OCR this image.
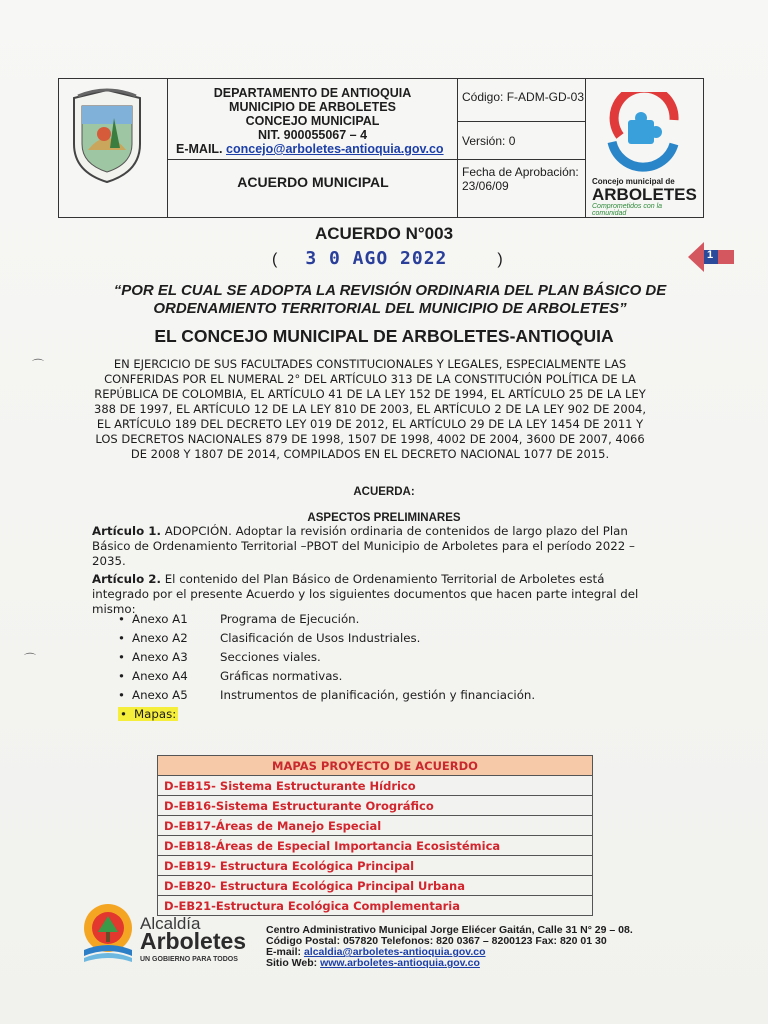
DEPARTAMENTO DE ANTIOQUIA
MUNICIPIO DE ARBOLETES
CONCEJO MUNICIPAL
NIT. 900055067 – 4
E-MAIL. concejo@arboletes-antioquia.gov.co
ACUERDO MUNICIPAL
Código: F-ADM-GD-03
Versión: 0
Fecha de Aprobación:
23/06/09	Concejo municipal de
ARBOLETES
Comprometidos con la comunidad
1
⌒
⌒
ACUERDO N°003
( 3 0 AGO 2022	)
“POR EL CUAL SE ADOPTA LA REVISIÓN ORDINARIA DEL PLAN BÁSICO DE ORDENAMIENTO TERRITORIAL DEL MUNICIPIO DE ARBOLETES”
EL CONCEJO MUNICIPAL DE ARBOLETES-ANTIOQUIA
EN EJERCICIO DE SUS FACULTADES CONSTITUCIONALES Y LEGALES, ESPECIALMENTE LAS CONFERIDAS POR EL NUMERAL 2° DEL ARTÍCULO 313 DE LA CONSTITUCIÓN POLÍTICA DE LA REPÚBLICA DE COLOMBIA, EL ARTÍCULO 41 DE LA LEY 152 DE 1994, EL ARTÍCULO 25 DE LA LEY 388 DE 1997, EL ARTÍCULO 12 DE LA LEY 810 DE 2003, EL ARTÍCULO 2 DE LA LEY 902 DE 2004, EL ARTÍCULO 189 DEL DECRETO LEY 019 DE 2012, EL ARTÍCULO 29 DE LA LEY 1454 DE 2011 Y LOS DECRETOS NACIONALES 879 DE 1998, 1507 DE 1998, 4002 DE 2004, 3600 DE 2007, 4066 DE 2008 Y 1807 DE 2014, COMPILADOS EN EL DECRETO NACIONAL 1077 DE 2015.
ACUERDA:
ASPECTOS PRELIMINARES
Artículo 1. ADOPCIÓN. Adoptar la revisión ordinaria de contenidos de largo plazo del Plan Básico de Ordenamiento Territorial –PBOT del Municipio de Arboletes para el período 2022 – 2035.
Artículo 2. El contenido del Plan Básico de Ordenamiento Territorial de Arboletes está integrado por el presente Acuerdo y los siguientes documentos que hacen parte integral del mismo:
• Anexo A1	Programa de Ejecución.
• Anexo A2	Clasificación de Usos Industriales.
• Anexo A3	Secciones viales.
• Anexo A4	Gráficas normativas.
• Anexo A5	Instrumentos de planificación, gestión y financiación.
• Mapas:
MAPAS PROYECTO DE ACUERDO
D-EB15- Sistema Estructurante Hídrico
D-EB16-Sistema Estructurante Orográfico
D-EB17-Áreas de Manejo Especial
D-EB18-Áreas de Especial Importancia Ecosistémica
D-EB19- Estructura Ecológica Principal
D-EB20- Estructura Ecológica Principal Urbana
D-EB21-Estructura Ecológica Complementaria
Alcaldía
Arboletes
UN GOBIERNO PARA TODOS
Centro Administrativo Municipal Jorge Eliécer Gaitán, Calle 31 N° 29 – 08.
Código Postal: 057820 Telefonos: 820 0367 – 8200123 Fax: 820 01 30
E-mail: alcaldia@arboletes-antioquia.gov.co
Sitio Web: www.arboletes-antioquia.gov.co
